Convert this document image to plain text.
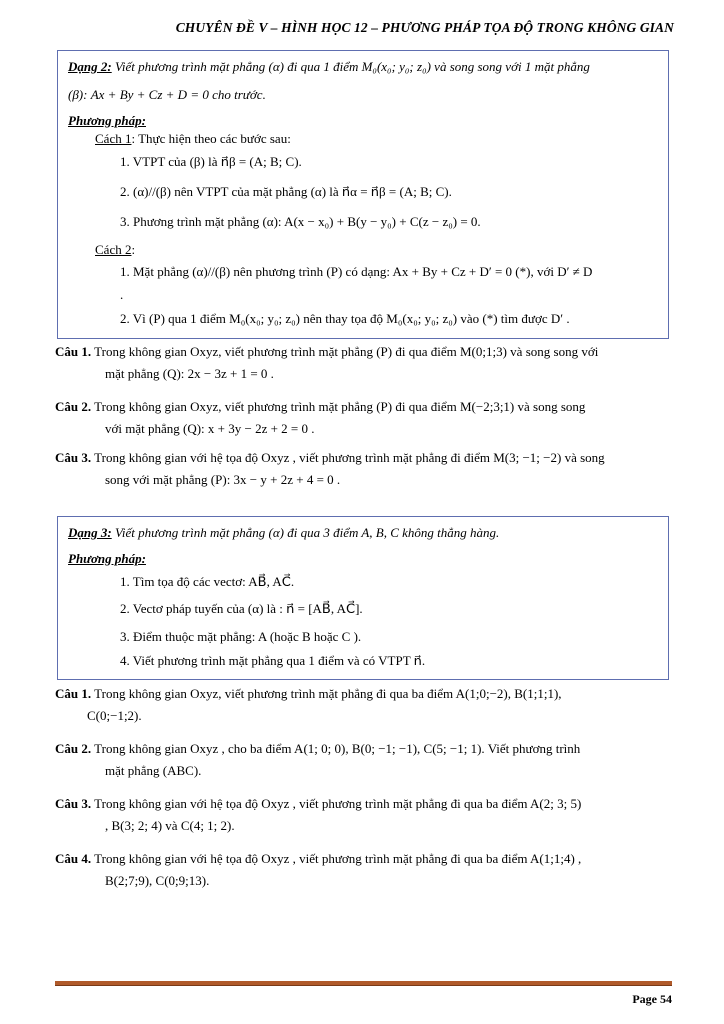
CHUYÊN ĐỀ V – HÌNH HỌC 12 – PHƯƠNG PHÁP TỌA ĐỘ TRONG KHÔNG GIAN
Dạng 2: Viết phương trình mặt phẳng (α) đi qua 1 điểm M₀(x₀; y₀; z₀) và song song với 1 mặt phẳng
(β): Ax + By + Cz + D = 0 cho trước.
Phương pháp:
Cách 1: Thực hiện theo các bước sau:
1. VTPT của (β) là n⃗β = (A; B; C).
2. (α)//(β) nên VTPT của mặt phẳng (α) là n⃗α = n⃗β = (A; B; C).
3. Phương trình mặt phẳng (α): A(x − x₀) + B(y − y₀) + C(z − z₀) = 0.
Cách 2:
1. Mặt phẳng (α)//(β) nên phương trình (P) có dạng: Ax + By + Cz + D′ = 0 (*), với D′ ≠ D
.
2. Vì (P) qua 1 điểm M₀(x₀; y₀; z₀) nên thay tọa độ M₀(x₀; y₀; z₀) vào (*) tìm được D′ .
Câu 1. Trong không gian Oxyz, viết phương trình mặt phẳng (P) đi qua điểm M(0;1;3) và song song với
mặt phẳng (Q): 2x − 3z + 1 = 0 .
Câu 2. Trong không gian Oxyz, viết phương trình mặt phẳng (P) đi qua điểm M(−2;3;1) và song song
với mặt phẳng (Q): x + 3y − 2z + 2 = 0 .
Câu 3. Trong không gian với hệ tọa độ Oxyz , viết phương trình mặt phẳng đi điểm M(3; −1; −2) và song
song với mặt phẳng (P): 3x − y + 2z + 4 = 0 .
Dạng 3: Viết phương trình mặt phẳng (α) đi qua 3 điểm A, B, C không thẳng hàng.
Phương pháp:
1. Tìm tọa độ các vectơ: AB⃗, AC⃗.
2. Vectơ pháp tuyến của (α) là : n⃗ = [AB⃗, AC⃗].
3. Điểm thuộc mặt phẳng: A (hoặc B hoặc C ).
4. Viết phương trình mặt phẳng qua 1 điểm và có VTPT n⃗.
Câu 1. Trong không gian Oxyz, viết phương trình mặt phẳng đi qua ba điểm A(1;0;−2), B(1;1;1),
C(0;−1;2).
Câu 2. Trong không gian Oxyz , cho ba điểm A(1; 0; 0), B(0; −1; −1), C(5; −1; 1). Viết phương trình
mặt phẳng (ABC).
Câu 3. Trong không gian với hệ tọa độ Oxyz , viết phương trình mặt phẳng đi qua ba điểm A(2; 3; 5)
, B(3; 2; 4) và C(4; 1; 2).
Câu 4. Trong không gian với hệ tọa độ Oxyz , viết phương trình mặt phẳng đi qua ba điểm A(1;1;4) ,
B(2;7;9), C(0;9;13).
Page 54
